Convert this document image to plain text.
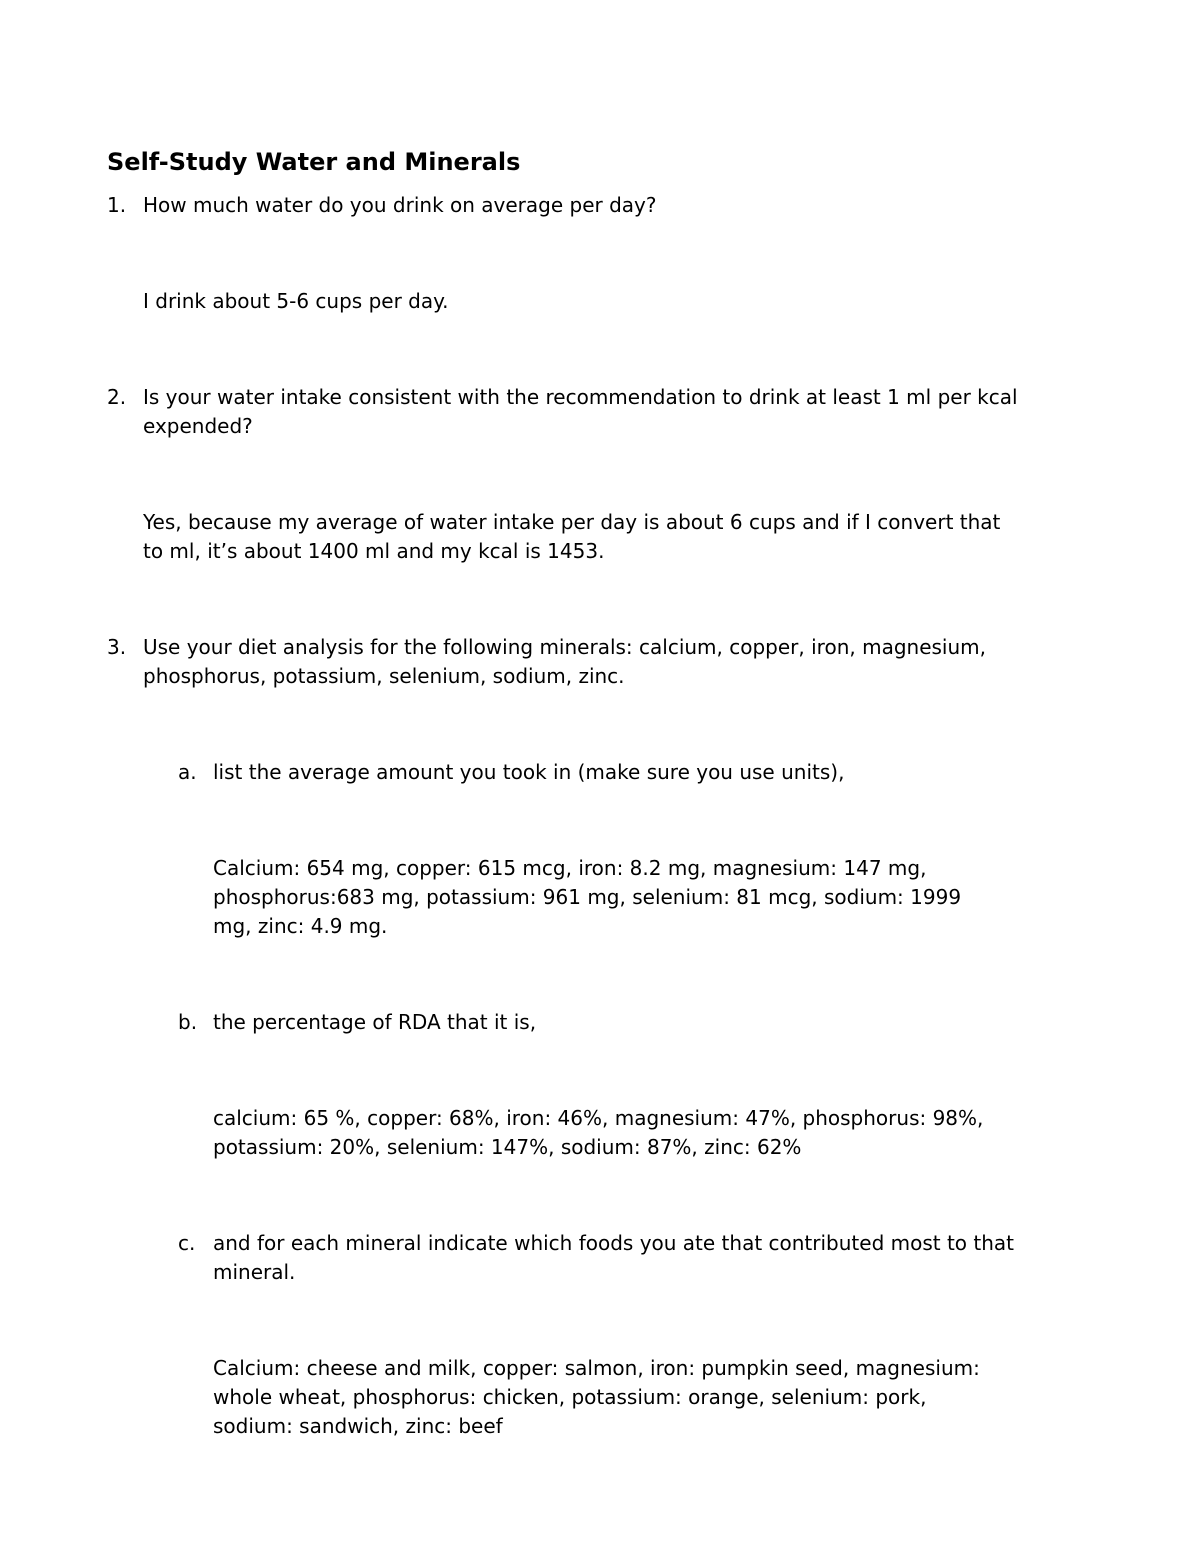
Self-Study Water and Minerals
1. How much water do you drink on average per day?

I drink about 5-6 cups per day.

2. Is your water intake consistent with the recommendation to drink at least 1 ml per kcal expended?

Yes, because my average of water intake per day is about 6 cups and if I convert that to ml, it’s about 1400 ml and my kcal is 1453.

3. Use your diet analysis for the following minerals: calcium, copper, iron, magnesium, phosphorus, potassium, selenium, sodium, zinc.
a. list the average amount you took in (make sure you use units),

Calcium: 654 mg, copper: 615 mcg, iron: 8.2 mg, magnesium: 147 mg, phosphorus:683 mg, potassium: 961 mg, selenium: 81 mcg, sodium: 1999 mg, zinc: 4.9 mg.

b. the percentage of RDA that it is,

calcium: 65 %, copper: 68%, iron: 46%, magnesium: 47%, phosphorus: 98%, potassium: 20%, selenium: 147%, sodium: 87%, zinc: 62%

c. and for each mineral indicate which foods you ate that contributed most to that mineral.

Calcium: cheese and milk, copper: salmon, iron: pumpkin seed, magnesium: whole wheat, phosphorus: chicken, potassium: orange, selenium: pork, sodium: sandwich, zinc: beef
